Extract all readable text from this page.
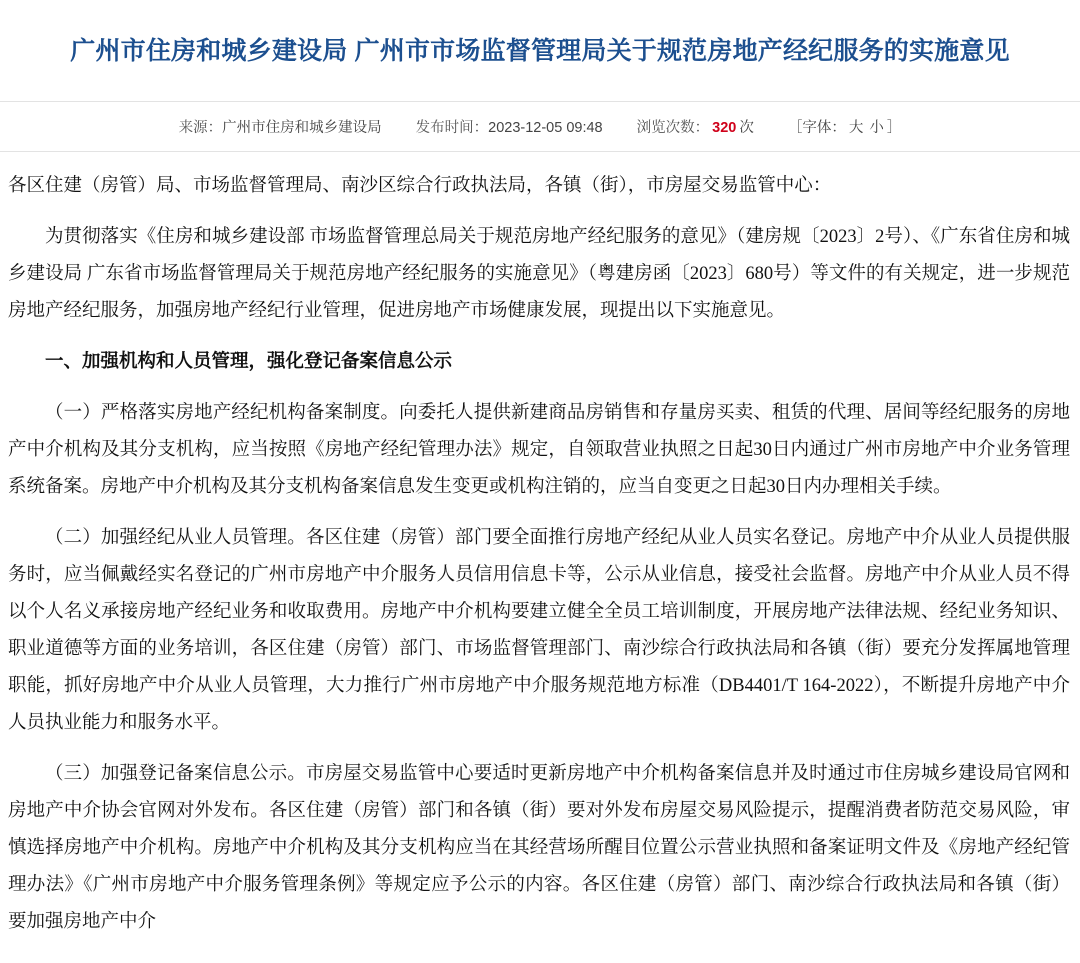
广州市住房和城乡建设局 广州市市场监督管理局关于规范房地产经纪服务的实施意见
来源：广州市住房和城乡建设局 发布时间：2023-12-05 09:48 浏览次数： 320 次 ［字体： 大 小 ］

各区住建（房管）局、市场监督管理局、南沙区综合行政执法局，各镇（街），市房屋交易监管中心：

为贯彻落实《住房和城乡建设部 市场监督管理总局关于规范房地产经纪服务的意见》（建房规〔2023〕2号）、《广东省住房和城乡建设局 广东省市场监督管理局关于规范房地产经纪服务的实施意见》（粤建房函〔2023〕680号）等文件的有关规定，进一步规范房地产经纪服务，加强房地产经纪行业管理，促进房地产市场健康发展，现提出以下实施意见。

一、加强机构和人员管理，强化登记备案信息公示

（一）严格落实房地产经纪机构备案制度。向委托人提供新建商品房销售和存量房买卖、租赁的代理、居间等经纪服务的房地产中介机构及其分支机构，应当按照《房地产经纪管理办法》规定，自领取营业执照之日起30日内通过广州市房地产中介业务管理系统备案。房地产中介机构及其分支机构备案信息发生变更或机构注销的，应当自变更之日起30日内办理相关手续。

（二）加强经纪从业人员管理。各区住建（房管）部门要全面推行房地产经纪从业人员实名登记。房地产中介从业人员提供服务时，应当佩戴经实名登记的广州市房地产中介服务人员信用信息卡等，公示从业信息，接受社会监督。房地产中介从业人员不得以个人名义承接房地产经纪业务和收取费用。房地产中介机构要建立健全全员工培训制度，开展房地产法律法规、经纪业务知识、职业道德等方面的业务培训，各区住建（房管）部门、市场监督管理部门、南沙综合行政执法局和各镇（街）要充分发挥属地管理职能，抓好房地产中介从业人员管理，大力推行广州市房地产中介服务规范地方标准（DB4401/T 164-2022），不断提升房地产中介人员执业能力和服务水平。

（三）加强登记备案信息公示。市房屋交易监管中心要适时更新房地产中介机构备案信息并及时通过市住房城乡建设局官网和房地产中介协会官网对外发布。各区住建（房管）部门和各镇（街）要对外发布房屋交易风险提示，提醒消费者防范交易风险，审慎选择房地产中介机构。房地产中介机构及其分支机构应当在其经营场所醒目位置公示营业执照和备案证明文件及《房地产经纪管理办法》《广州市房地产中介服务管理条例》等规定应予公示的内容。各区住建（房管）部门、南沙综合行政执法局和各镇（街）要加强房地产中介
